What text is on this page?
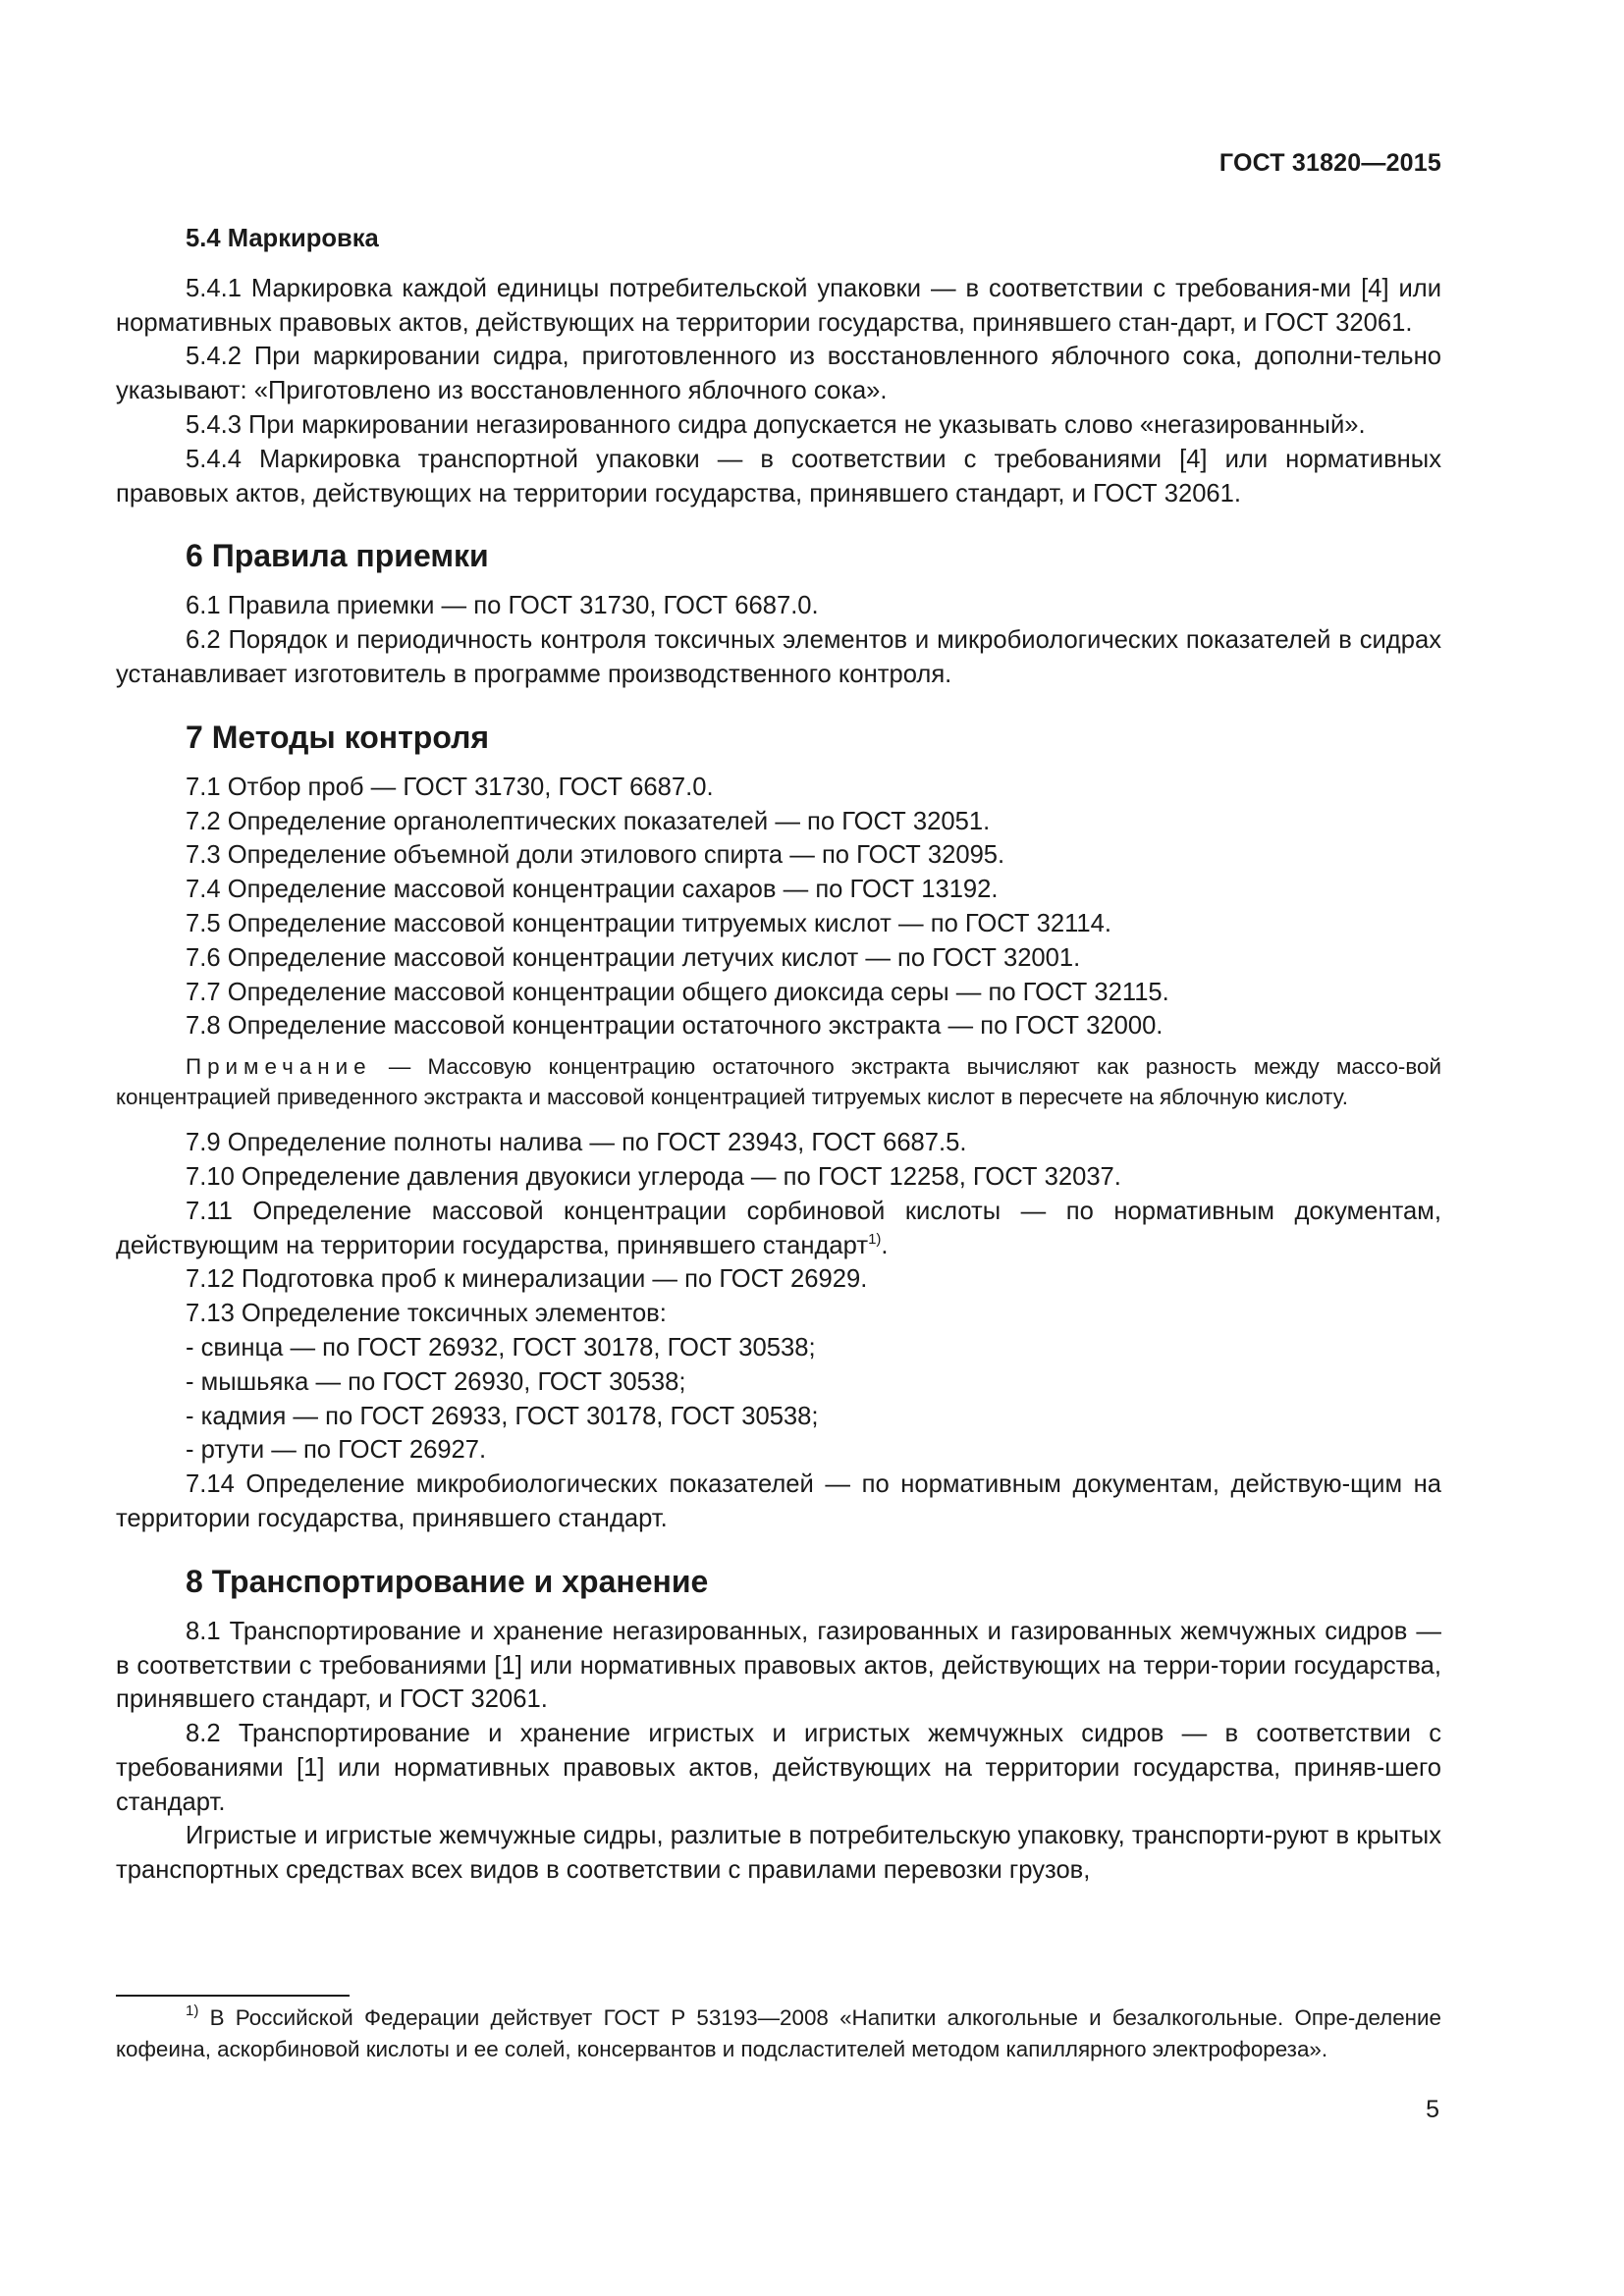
ГОСТ 31820—2015

5.4 Маркировка

5.4.1 Маркировка каждой единицы потребительской упаковки — в соответствии с требования-ми [4] или нормативных правовых актов, действующих на территории государства, принявшего стан-дарт, и ГОСТ 32061.

5.4.2 При маркировании сидра, приготовленного из восстановленного яблочного сока, дополни-тельно указывают: «Приготовлено из восстановленного яблочного сока».

5.4.3 При маркировании негазированного сидра допускается не указывать слово «негазированный».

5.4.4 Маркировка транспортной упаковки — в соответствии с требованиями [4] или нормативных правовых актов, действующих на территории государства, принявшего стандарт, и ГОСТ 32061.

6 Правила приемки

6.1 Правила приемки — по ГОСТ 31730, ГОСТ 6687.0.

6.2 Порядок и периодичность контроля токсичных элементов и микробиологических показателей в сидрах устанавливает изготовитель в программе производственного контроля.

7 Методы контроля

7.1 Отбор проб — ГОСТ 31730, ГОСТ 6687.0.

7.2 Определение органолептических показателей — по ГОСТ 32051.

7.3 Определение объемной доли этилового спирта — по ГОСТ 32095.

7.4 Определение массовой концентрации сахаров — по ГОСТ 13192.

7.5 Определение массовой концентрации титруемых кислот — по ГОСТ 32114.

7.6 Определение массовой концентрации летучих кислот — по ГОСТ 32001.

7.7 Определение массовой концентрации общего диоксида серы — по ГОСТ 32115.

7.8 Определение массовой концентрации остаточного экстракта — по ГОСТ 32000.

Примечание — Массовую концентрацию остаточного экстракта вычисляют как разность между массо-вой концентрацией приведенного экстракта и массовой концентрацией титруемых кислот в пересчете на яблочную кислоту.

7.9 Определение полноты налива — по ГОСТ 23943, ГОСТ 6687.5.

7.10 Определение давления двуокиси углерода — по ГОСТ 12258, ГОСТ 32037.

7.11 Определение массовой концентрации сорбиновой кислоты — по нормативным документам, действующим на территории государства, принявшего стандарт$^{1)}$.

7.12 Подготовка проб к минерализации — по ГОСТ 26929.

7.13 Определение токсичных элементов:

- свинца — по ГОСТ 26932, ГОСТ 30178, ГОСТ 30538;

- мышьяка — по ГОСТ 26930, ГОСТ 30538;

- кадмия — по ГОСТ 26933, ГОСТ 30178, ГОСТ 30538;

- ртути — по ГОСТ 26927.

7.14 Определение микробиологических показателей — по нормативным документам, действую-щим на территории государства, принявшего стандарт.

8 Транспортирование и хранение

8.1 Транспортирование и хранение негазированных, газированных и газированных жемчужных сидров — в соответствии с требованиями [1] или нормативных правовых актов, действующих на терри-тории государства, принявшего стандарт, и ГОСТ 32061.

8.2 Транспортирование и хранение игристых и игристых жемчужных сидров — в соответствии с требованиями [1] или нормативных правовых актов, действующих на территории государства, приняв-шего стандарт.

Игристые и игристые жемчужные сидры, разлитые в потребительскую упаковку, транспорти-руют в крытых транспортных средствах всех видов в соответствии с правилами перевозки грузов,

$^{1)}$ В Российской Федерации действует ГОСТ Р 53193—2008 «Напитки алкогольные и безалкогольные. Опре-деление кофеина, аскорбиновой кислоты и ее солей, консервантов и подсластителей методом капиллярного электрофореза».

5
